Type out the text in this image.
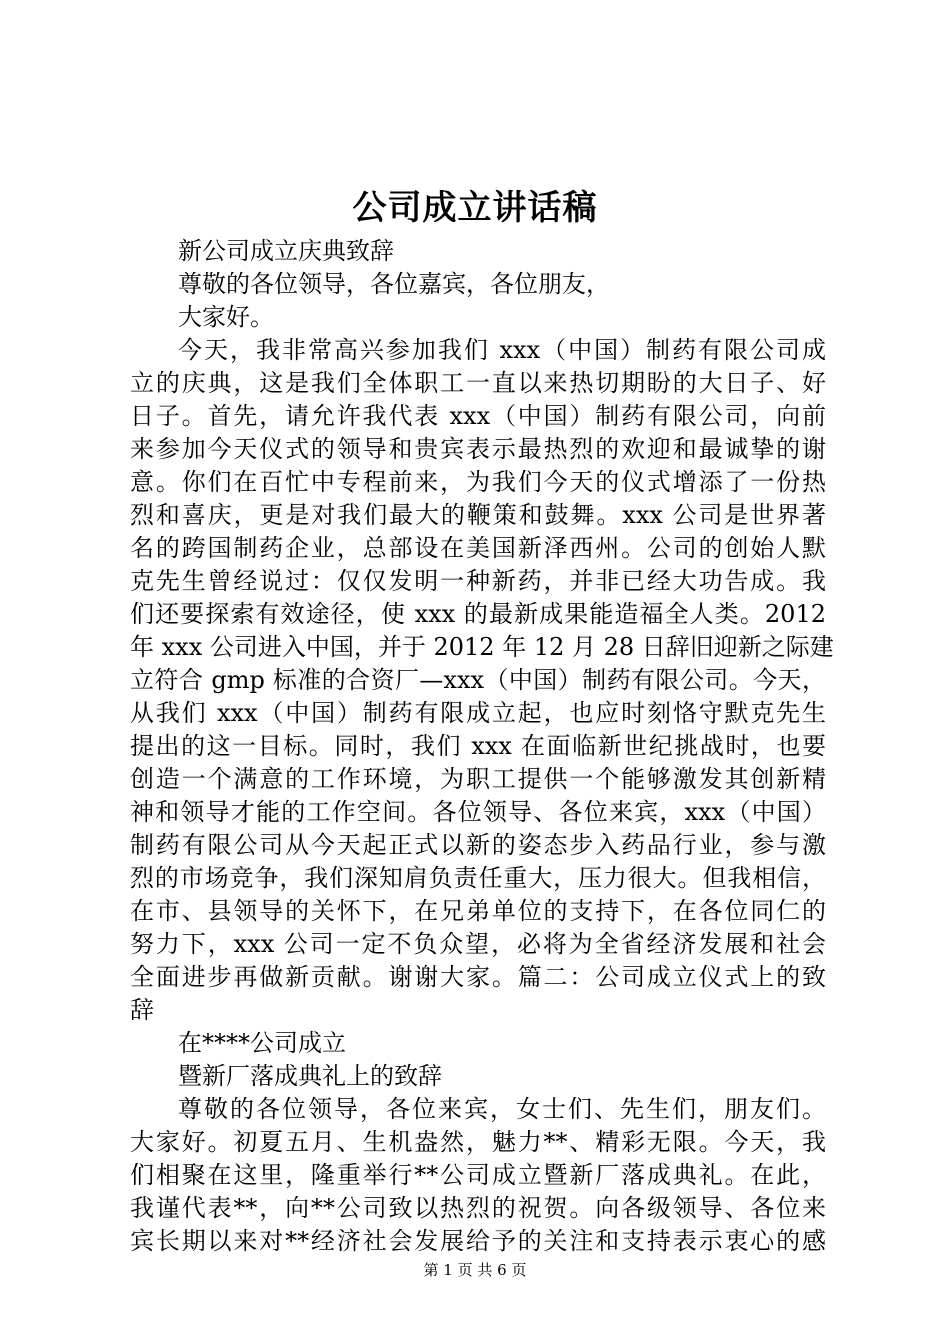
公司成立讲话稿
新公司成立庆典致辞
尊敬的各位领导，各位嘉宾，各位朋友，
大家好。
今天，我非常高兴参加我们 xxx（中国）制药有限公司成
立的庆典，这是我们全体职工一直以来热切期盼的大日子、好
日子。首先，请允许我代表 xxx（中国）制药有限公司，向前
来参加今天仪式的领导和贵宾表示最热烈的欢迎和最诚挚的谢
意。你们在百忙中专程前来，为我们今天的仪式增添了一份热
烈和喜庆，更是对我们最大的鞭策和鼓舞。xxx 公司是世界著
名的跨国制药企业，总部设在美国新泽西州。公司的创始人默
克先生曾经说过：仅仅发明一种新药，并非已经大功告成。我
们还要探索有效途径，使 xxx 的最新成果能造福全人类。2012
年 xxx 公司进入中国，并于 2012 年 12 月 28 日辞旧迎新之际建
立符合 gmp 标准的合资厂—xxx（中国）制药有限公司。今天，
从我们 xxx（中国）制药有限成立起，也应时刻恪守默克先生
提出的这一目标。同时，我们 xxx 在面临新世纪挑战时，也要
创造一个满意的工作环境，为职工提供一个能够激发其创新精
神和领导才能的工作空间。各位领导、各位来宾，xxx（中国）
制药有限公司从今天起正式以新的姿态步入药品行业，参与激
烈的市场竞争，我们深知肩负责任重大，压力很大。但我相信，
在市、县领导的关怀下，在兄弟单位的支持下，在各位同仁的
努力下，xxx 公司一定不负众望，必将为全省经济发展和社会
全面进步再做新贡献。谢谢大家。篇二：公司成立仪式上的致
辞
在****公司成立
暨新厂落成典礼上的致辞
尊敬的各位领导，各位来宾，女士们、先生们，朋友们。
大家好。初夏五月、生机盎然，魅力**、精彩无限。今天，我
们相聚在这里，隆重举行**公司成立暨新厂落成典礼。在此，
我谨代表**，向**公司致以热烈的祝贺。向各级领导、各位来
宾长期以来对**经济社会发展给予的关注和支持表示衷心的感
第 1 页 共 6 页
